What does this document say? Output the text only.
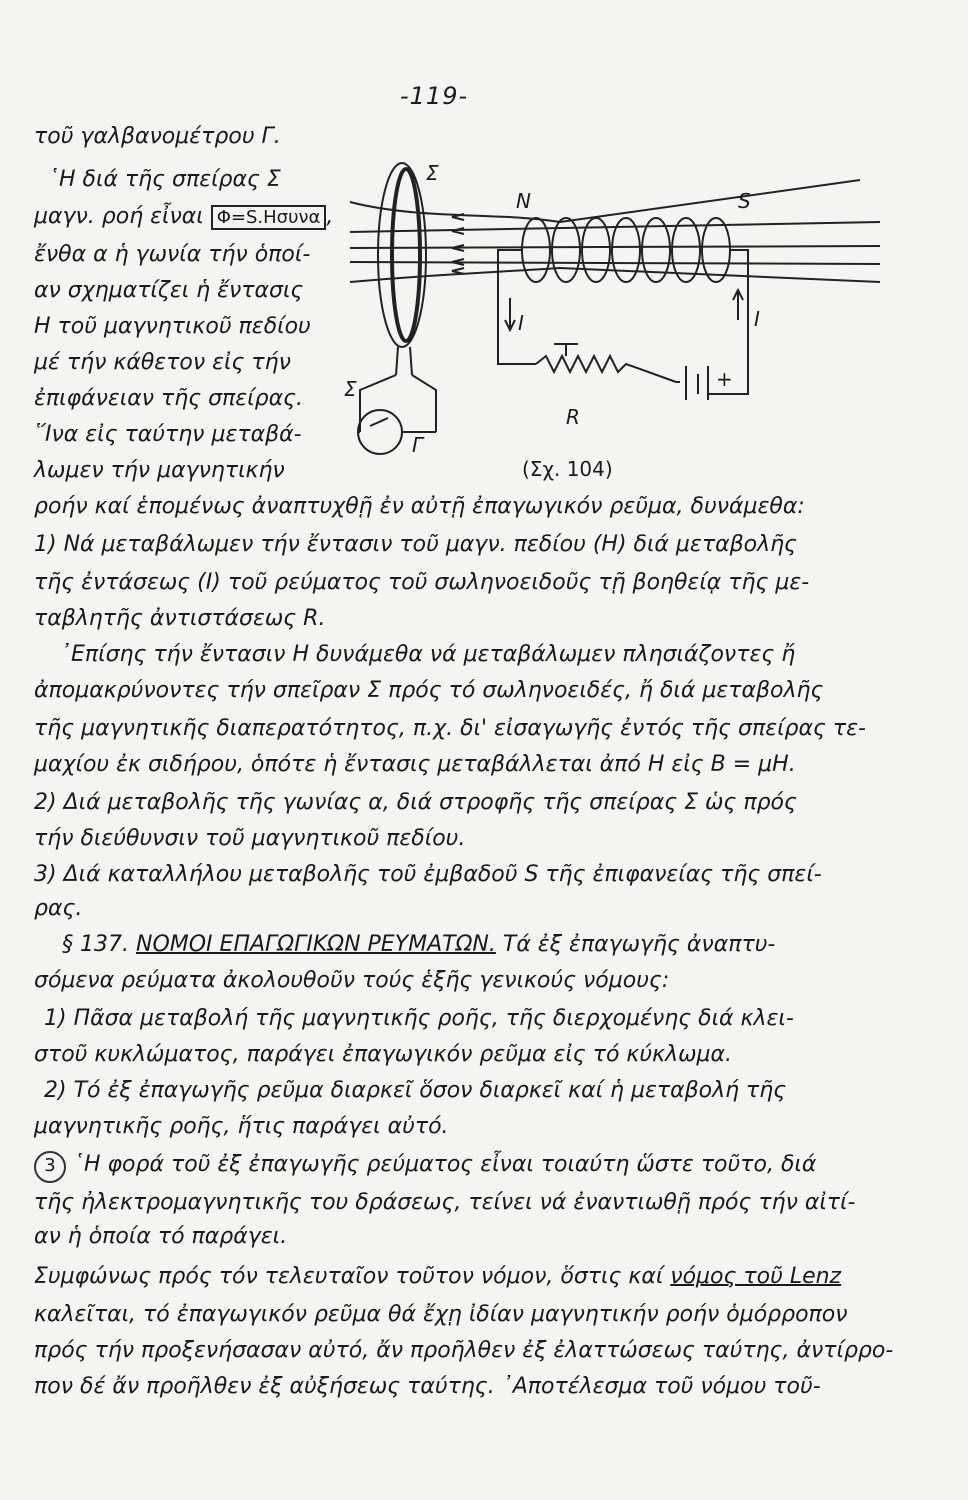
-119-
τοῦ γαλβανομέτρου Γ.
῾Η διά τῆς σπείρας Σ
μαγν. ροή εἶναι Φ=S.Hσυνα ,
ἔνθα α ἡ γωνία τήν ὁποί-
αν σχηματίζει ἡ ἔντασις
Η τοῦ μαγνητικοῦ πεδίου
μέ τήν κάθετον εἰς τήν
ἐπιφάνειαν τῆς σπείρας.
῞Ινα εἰς ταύτην μεταβά-
λωμεν τήν μαγνητικήν
Σ
Σ
N	S
I	I
R
Γ
+
(Σχ. 104)
ροήν καί ἑπομένως ἀναπτυχθῇ ἐν αὐτῇ ἐπαγωγικόν ρεῦμα, δυνάμεθα:
1) Νά μεταβάλωμεν τήν ἔντασιν τοῦ μαγν. πεδίου (Η) διά μεταβολῆς
τῆς ἐντάσεως (Ι) τοῦ ρεύματος τοῦ σωληνοειδοῦς τῇ βοηθείᾳ τῆς με-
ταβλητῆς ἀντιστάσεως R.
᾿Επίσης τήν ἔντασιν Η δυνάμεθα νά μεταβάλωμεν πλησιάζοντες ἤ
ἀπομακρύνοντες τήν σπεῖραν Σ πρός τό σωληνοειδές, ἤ διά μεταβολῆς
τῆς μαγνητικῆς διαπερατότητος, π.χ. δι' εἰσαγωγῆς ἐντός τῆς σπείρας τε-
μαχίου ἐκ σιδήρου, ὁπότε ἡ ἔντασις μεταβάλλεται ἀπό Η εἰς Β = μΗ.
2) Διά μεταβολῆς τῆς γωνίας α, διά στροφῆς τῆς σπείρας Σ ὡς πρός
τήν διεύθυνσιν τοῦ μαγνητικοῦ πεδίου.
3) Διά καταλλήλου μεταβολῆς τοῦ ἐμβαδοῦ S τῆς ἐπιφανείας τῆς σπεί-
ρας.
§ 137. ΝΟΜΟΙ ΕΠΑΓΩΓΙΚΩΝ ΡΕΥΜΑΤΩΝ. Τά ἐξ ἐπαγωγῆς ἀναπτυ-
σόμενα ρεύματα ἀκολουθοῦν τούς ἑξῆς γενικούς νόμους:
1) Πᾶσα μεταβολή τῆς μαγνητικῆς ροῆς, τῆς διερχομένης διά κλει-
στοῦ κυκλώματος, παράγει ἐπαγωγικόν ρεῦμα εἰς τό κύκλωμα.
2) Τό ἐξ ἐπαγωγῆς ρεῦμα διαρκεῖ ὅσον διαρκεῖ καί ἡ μεταβολή τῆς
μαγνητικῆς ροῆς, ἥτις παράγει αὐτό.
3 ῾Η φορά τοῦ ἐξ ἐπαγωγῆς ρεύματος εἶναι τοιαύτη ὥστε τοῦτο, διά
τῆς ἠλεκτρομαγνητικῆς του δράσεως, τείνει νά ἐναντιωθῇ πρός τήν αἰτί-
αν ἡ ὁποία τό παράγει.
Συμφώνως πρός τόν τελευταῖον τοῦτον νόμον, ὅστις καί νόμος τοῦ Lenz
καλεῖται, τό ἐπαγωγικόν ρεῦμα θά ἔχῃ ἰδίαν μαγνητικήν ροήν ὁμόρροπον
πρός τήν προξενήσασαν αὐτό, ἄν προῆλθεν ἐξ ἐλαττώσεως ταύτης, ἀντίρρο-
πον δέ ἄν προῆλθεν ἐξ αὐξήσεως ταύτης. ᾿Αποτέλεσμα τοῦ νόμου τοῦ-
